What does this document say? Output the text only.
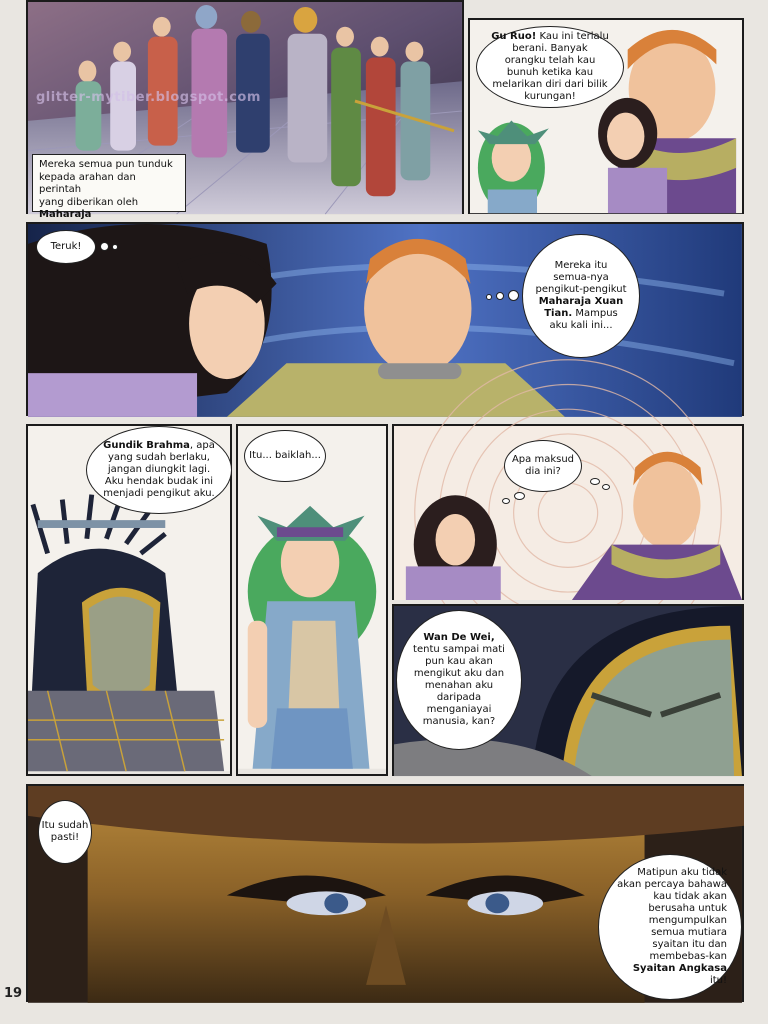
glitter-mytiber.blogspot.com
Mereka semua pun tunduk
kepada arahan dan perintah
yang diberikan oleh Maharaja

Gu Ruo! Kau ini terlalu berani. Banyak orangku telah kau bunuh ketika kau melarikan diri dari bilik kurungan!
Teruk!
Mereka itu semua-nya pengikut-pengikut Maharaja Xuan Tian. Mampus aku kali ini...
Gundik Brahma, apa yang sudah berlaku, jangan diungkit lagi. Aku hendak budak ini menjadi pengikut aku.
Itu... baiklah...	Apa maksud dia ini?
Wan De Wei, tentu sampai mati pun kau akan mengikut aku dan menahan aku daripada menganiayai manusia, kan?
Itu sudah pasti!
Matipun aku tidak akan percaya bahawa kau tidak akan berusaha untuk mengumpulkan semua mutiara syaitan itu dan membebas-kan Syaitan Angkasa itu!
19
